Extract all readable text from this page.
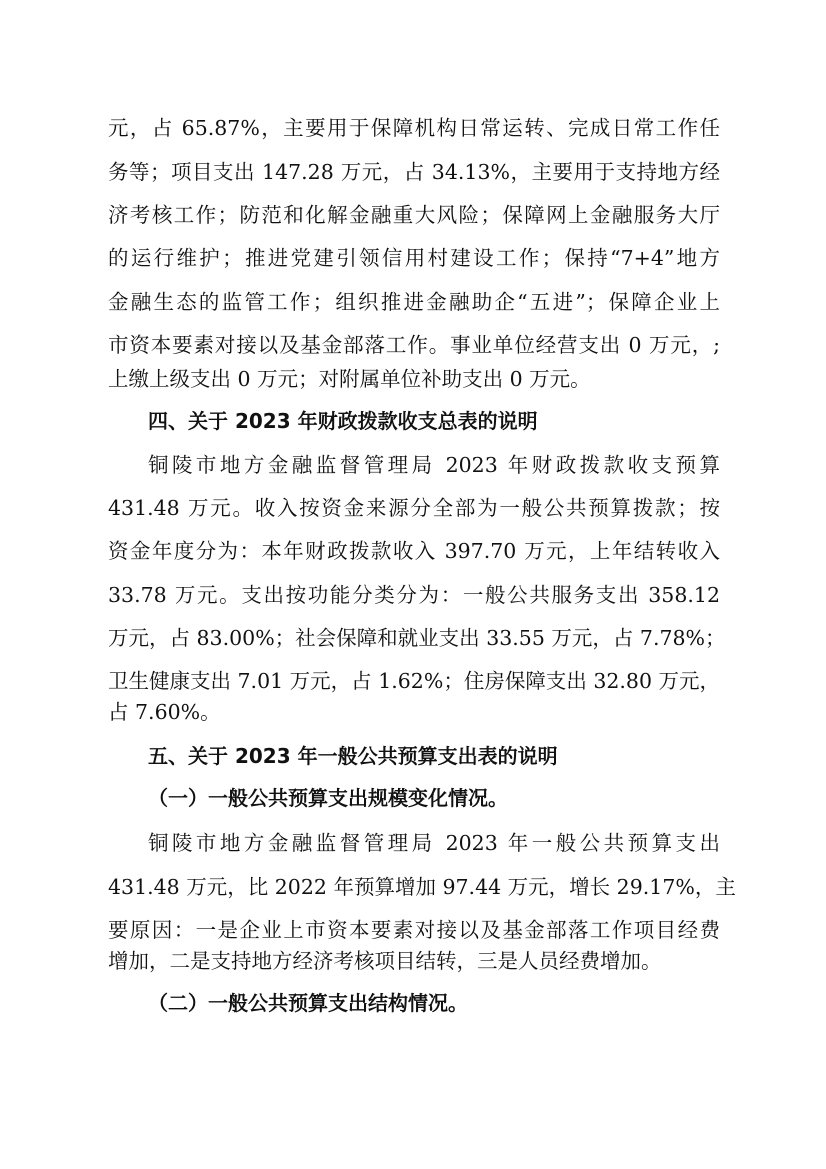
元，占 65.87%，主要用于保障机构日常运转、完成日常工作任
务等；项目支出 147.28 万元，占 34.13%，主要用于支持地方经
济考核工作；防范和化解金融重大风险；保障网上金融服务大厅
的运行维护；推进党建引领信用村建设工作；保持“7+4”地方
金融生态的监管工作；组织推进金融助企“五进”；保障企业上
市资本要素对接以及基金部落工作。事业单位经营支出 0 万元，;
上缴上级支出 0 万元；对附属单位补助支出 0 万元。
四、关于 2023 年财政拨款收支总表的说明
铜陵市地方金融监督管理局 2023 年财政拨款收支预算
431.48 万元。收入按资金来源分全部为一般公共预算拨款；按
资金年度分为：本年财政拨款收入 397.70 万元，上年结转收入
33.78 万元。支出按功能分类分为：一般公共服务支出 358.12
万元，占 83.00%；社会保障和就业支出 33.55 万元，占 7.78%；
卫生健康支出 7.01 万元，占 1.62%；住房保障支出 32.80 万元，
占 7.60%。
五、关于 2023 年一般公共预算支出表的说明
（一）一般公共预算支出规模变化情况。
铜陵市地方金融监督管理局 2023 年一般公共预算支出
431.48 万元，比 2022 年预算增加 97.44 万元，增长 29.17%，主
要原因：一是企业上市资本要素对接以及基金部落工作项目经费
增加，二是支持地方经济考核项目结转，三是人员经费增加。
（二）一般公共预算支出结构情况。
